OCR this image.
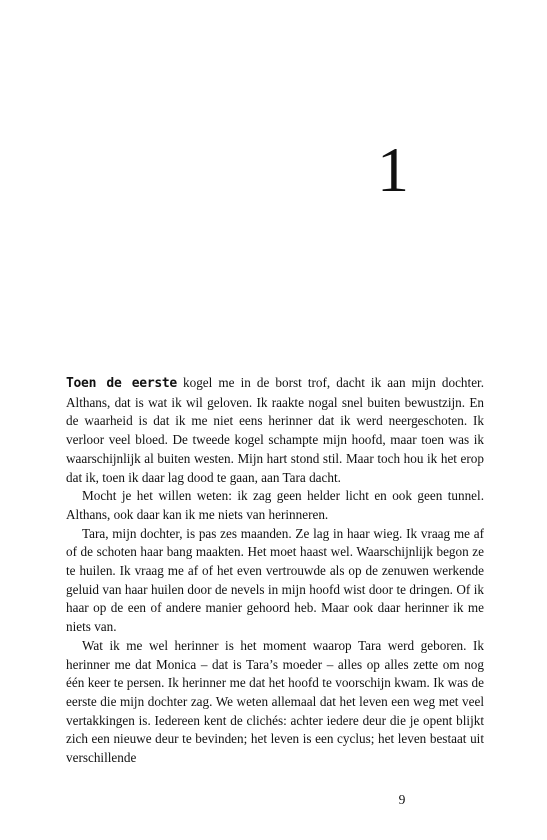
1

Toen de eerste kogel me in de borst trof, dacht ik aan mijn dochter. Althans, dat is wat ik wil geloven. Ik raakte nogal snel buiten bewustzijn. En de waarheid is dat ik me niet eens herinner dat ik werd neergeschoten. Ik verloor veel bloed. De tweede kogel schampte mijn hoofd, maar toen was ik waarschijnlijk al buiten westen. Mijn hart stond stil. Maar toch hou ik het erop dat ik, toen ik daar lag dood te gaan, aan Tara dacht.

Mocht je het willen weten: ik zag geen helder licht en ook geen tunnel. Althans, ook daar kan ik me niets van herinneren.

Tara, mijn dochter, is pas zes maanden. Ze lag in haar wieg. Ik vraag me af of de schoten haar bang maakten. Het moet haast wel. Waarschijnlijk begon ze te huilen. Ik vraag me af of het even vertrouwde als op de zenuwen werkende geluid van haar huilen door de nevels in mijn hoofd wist door te dringen. Of ik haar op de een of andere manier gehoord heb. Maar ook daar herinner ik me niets van.

Wat ik me wel herinner is het moment waarop Tara werd geboren. Ik herinner me dat Monica – dat is Tara’s moeder – alles op alles zette om nog één keer te persen. Ik herinner me dat het hoofd te voorschijn kwam. Ik was de eerste die mijn dochter zag. We weten allemaal dat het leven een weg met veel vertakkingen is. Iedereen kent de clichés: achter iedere deur die je opent blijkt zich een nieuwe deur te bevinden; het leven is een cyclus; het leven bestaat uit verschillende

9
